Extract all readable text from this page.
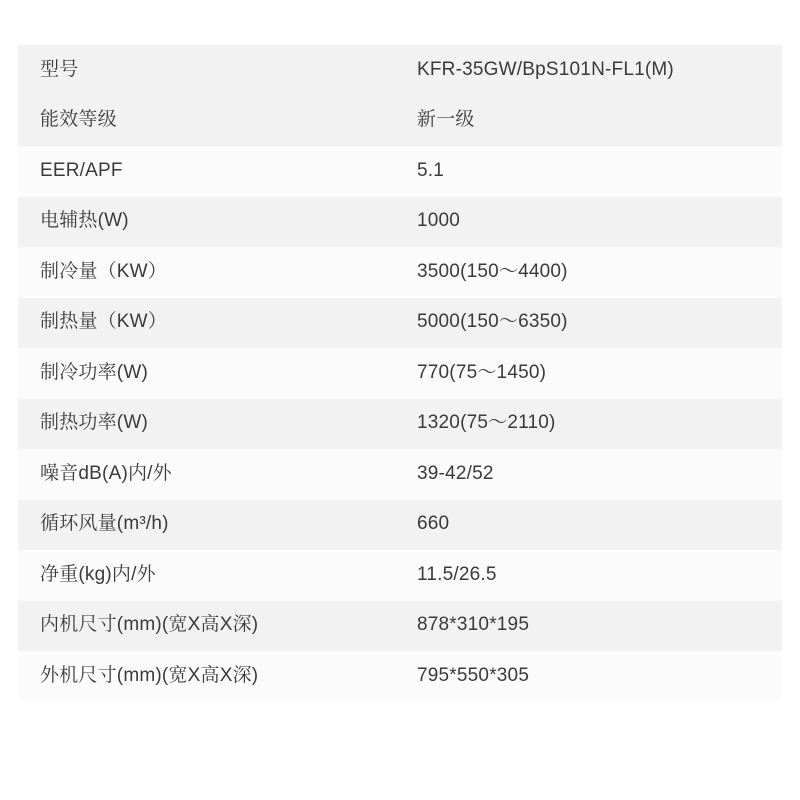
型号	KFR-35GW/BpS101N-FL1(M)
能效等级	新一级
EER/APF	5.1
电辅热(W)	1000
制冷量（KW）	3500(150〜4400)
制热量（KW）	5000(150〜6350)
制冷功率(W)	770(75〜1450)
制热功率(W)	1320(75〜2110)
噪音dB(A)内/外	39-42/52
循环风量(m³/h)	660
净重(kg)内/外	11.5/26.5
内机尺寸(mm)(宽X高X深)	878*310*195
外机尺寸(mm)(宽X高X深)	795*550*305
